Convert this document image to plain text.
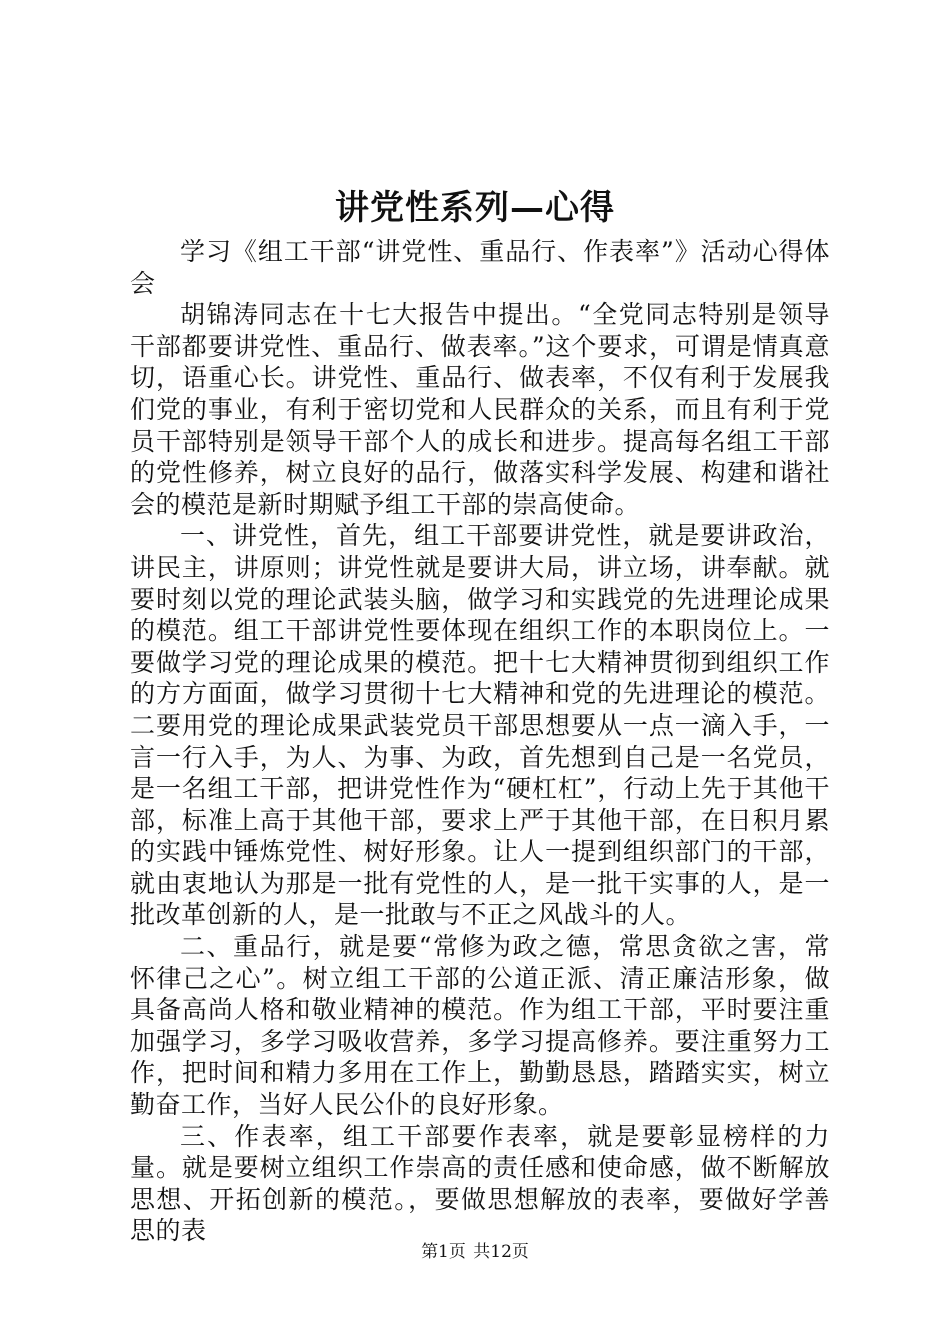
讲党性系列—心得

学习《组工干部“讲党性、重品行、作表率”》活动心得体会

胡锦涛同志在十七大报告中提出。“全党同志特别是领导干部都要讲党性、重品行、做表率。”这个要求，可谓是情真意切，语重心长。讲党性、重品行、做表率，不仅有利于发展我们党的事业，有利于密切党和人民群众的关系，而且有利于党员干部特别是领导干部个人的成长和进步。提高每名组工干部的党性修养，树立良好的品行，做落实科学发展、构建和谐社会的模范是新时期赋予组工干部的崇高使命。

一、讲党性，首先，组工干部要讲党性，就是要讲政治，讲民主，讲原则；讲党性就是要讲大局，讲立场，讲奉献。就要时刻以党的理论武装头脑，做学习和实践党的先进理论成果的模范。组工干部讲党性要体现在组织工作的本职岗位上。一要做学习党的理论成果的模范。把十七大精神贯彻到组织工作的方方面面，做学习贯彻十七大精神和党的先进理论的模范。二要用党的理论成果武装党员干部思想要从一点一滴入手，一言一行入手，为人、为事、为政，首先想到自己是一名党员，是一名组工干部，把讲党性作为“硬杠杠”，行动上先于其他干部，标准上高于其他干部，要求上严于其他干部，在日积月累的实践中锤炼党性、树好形象。让人一提到组织部门的干部，就由衷地认为那是一批有党性的人，是一批干实事的人，是一批改革创新的人，是一批敢与不正之风战斗的人。

二、重品行，就是要“常修为政之德，常思贪欲之害，常怀律己之心”。树立组工干部的公道正派、清正廉洁形象，做具备高尚人格和敬业精神的模范。作为组工干部，平时要注重加强学习，多学习吸收营养，多学习提高修养。要注重努力工作，把时间和精力多用在工作上，勤勤恳恳，踏踏实实，树立勤奋工作，当好人民公仆的良好形象。

三、作表率，组工干部要作表率，就是要彰显榜样的力量。就是要树立组织工作崇高的责任感和使命感，做不断解放思想、开拓创新的模范。，要做思想解放的表率，要做好学善思的表

第1页 共12页
